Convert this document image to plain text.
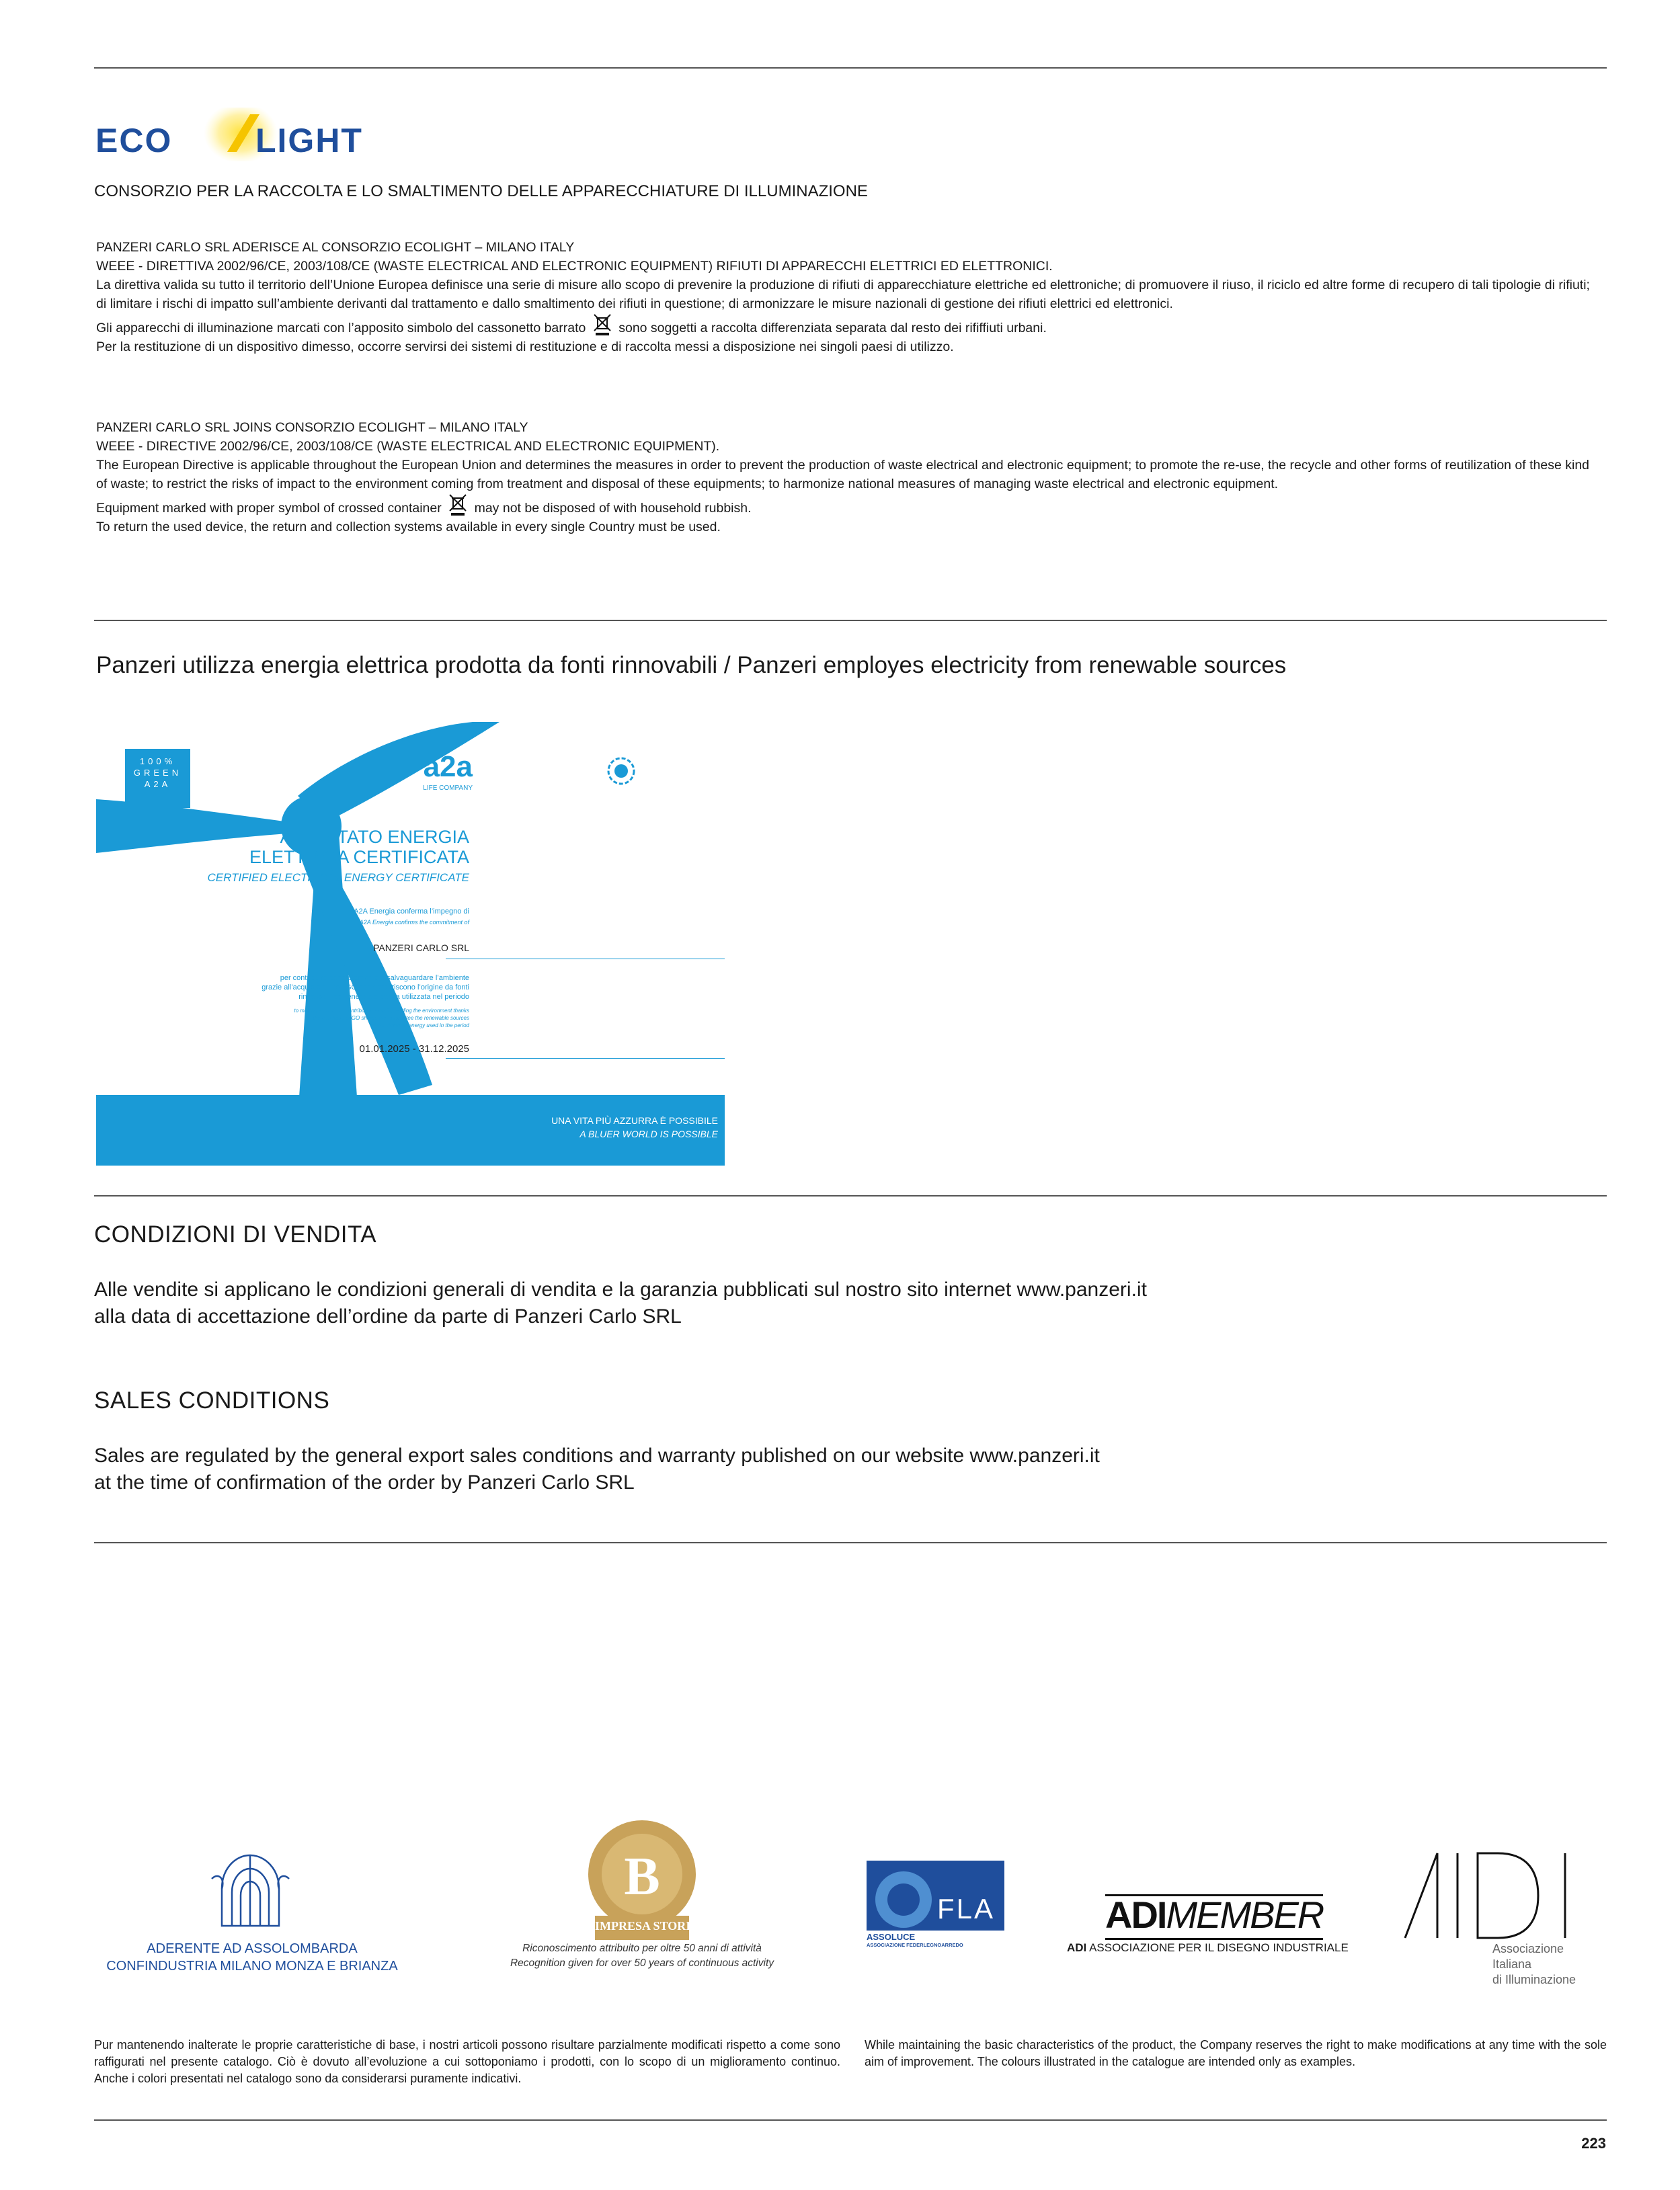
ECO LIGHT
CONSORZIO PER LA RACCOLTA E LO SMALTIMENTO DELLE APPARECCHIATURE DI ILLUMINAZIONE
PANZERI CARLO SRL ADERISCE AL CONSORZIO ECOLIGHT – MILANO ITALY
WEEE - DIRETTIVA 2002/96/CE, 2003/108/CE (WASTE ELECTRICAL AND ELECTRONIC EQUIPMENT) RIFIUTI DI APPARECCHI ELETTRICI ED ELETTRONICI.
La direttiva valida su tutto il territorio dell’Unione Europea definisce una serie di misure allo scopo di prevenire la produzione di rifiuti di apparecchiature elettriche ed elettroniche; di promuovere il riuso, il riciclo ed altre forme di recupero di tali tipologie di rifiuti; di limitare i rischi di impatto sull’ambiente derivanti dal trattamento e dallo smaltimento dei rifiuti in questione; di armonizzare le misure nazionali di gestione dei rifiuti elettrici ed elettronici.
Gli apparecchi di illuminazione marcati con l’apposito simbolo del cassonetto barrato	sono soggetti a raccolta differenziata separata dal resto dei rififfiuti urbani.
Per la restituzione di un dispositivo dimesso, occorre servirsi dei sistemi di restituzione e di raccolta messi a disposizione nei singoli paesi di utilizzo.
PANZERI CARLO SRL JOINS CONSORZIO ECOLIGHT – MILANO ITALY
WEEE - DIRECTIVE 2002/96/CE, 2003/108/CE (WASTE ELECTRICAL AND ELECTRONIC EQUIPMENT).
The European Directive is applicable throughout the European Union and determines the measures in order to prevent the production of waste electrical and electronic equipment; to promote the re-use, the recycle and other forms of reutilization of these kind of waste; to restrict the risks of impact to the environment coming from treatment and disposal of these equipments; to harmonize national measures of managing waste electrical and electronic equipment.
Equipment marked with proper symbol of crossed container	may not be disposed of with household rubbish.
To return the used device, the return and collection systems available in every single Country must be used.
Panzeri utilizza energia elettrica prodotta da fonti rinnovabili / Panzeri employes electricity from renewable sources
100%
GREEN
A2A
a2a
LIFE COMPANY
ATTESTATO ENERGIA
ELETTRICA CERTIFICATA
CERTIFIED ELECTRICAL ENERGY CERTIFICATE
A2A Energia conferma l’impegno di
A2A Energia confirms the commitment of
PANZERI CARLO SRL
per contribuire concretamente a salvaguardare l’ambiente
grazie all’acquisto di titoli GO che garantiscono l’origine da fonti
rinnovabili dell’energia elettrica utilizzata nel periodo
to making a concrete contribution to safeguarding the environment thanks
to the purchase of GO shares that guarantee the renewable sources
of the electrical energy used in the period
01.01.2025 - 31.12.2025
UNA VITA PIÙ AZZURRA È POSSIBILE
A BLUER WORLD IS POSSIBLE
CONDIZIONI DI VENDITA
Alle vendite si applicano le condizioni generali di vendita e la garanzia pubblicati sul nostro sito internet www.panzeri.it
alla data di accettazione dell’ordine da parte di Panzeri Carlo SRL
SALES CONDITIONS
Sales are regulated by the general export sales conditions and warranty published on our website www.panzeri.it
at the time of confirmation of the order by Panzeri Carlo SRL
ADERENTE AD ASSOLOMBARDA
CONFINDUSTRIA MILANO MONZA E BRIANZA
B
IMPRESA STORICA
Riconoscimento attribuito per oltre 50 anni di attività
Recognition given for over 50 years of continuous activity
FLA
ASSOLUCE
ASSOCIAZIONE FEDERLEGNOARREDO
ADIMEMBER
ADI ASSOCIAZIONE PER IL DISEGNO INDUSTRIALE	Associazione
Italiana
di Illuminazione
Pur mantenendo inalterate le proprie caratteristiche di base, i nostri articoli possono risultare parzialmente modificati rispetto a come sono raffigurati nel presente catalogo. Ciò è dovuto all’evoluzione a cui sottoponiamo i prodotti, con lo scopo di un miglioramento continuo. Anche i colori presentati nel catalogo sono da considerarsi puramente indicativi.
While maintaining the basic characteristics of the product, the Company reserves the right to make modifications at any time with the sole aim of improvement. The colours illustrated in the catalogue are intended only as examples.
223
